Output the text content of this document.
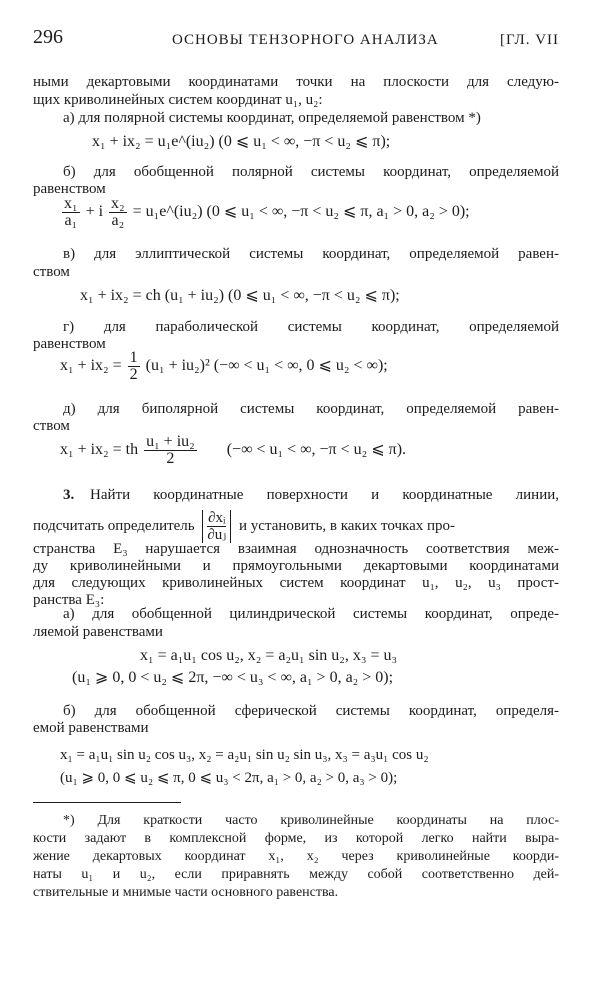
296	ОСНОВЫ ТЕНЗОРНОГО АНАЛИЗА	[ГЛ. VII
ными декартовыми координатами точки на плоскости для следую-
щих криволинейных систем координат u₁, u₂:
а) для полярной системы координат, определяемой равенством *)
x₁ + ix₂ = u₁e^(iu₂) (0 ⩽ u₁ < ∞, −π < u₂ ⩽ π);
б) для обобщенной полярной системы координат, определяемой
равенством
$\frac{\text{x₁}}{\text{a₁}} + i \frac{\text{x₂}}{\text{a₂}}$ = u₁e^(iu₂) (0 ⩽ u₁ < ∞, −π < u₂ ⩽ π, a₁ > 0, a₂ > 0);
в) для эллиптической системы координат, определяемой равен-
ством
x₁ + ix₂ = ch (u₁ + iu₂) (0 ⩽ u₁ < ∞, −π < u₂ ⩽ π);
г) для параболической системы координат, определяемой
равенством
$x_1 + ix_2 = \frac{1}{2} (u_1 + iu_2)^2$ (−∞ < u₁ < ∞, 0 ⩽ u₂ < ∞);
д) для биполярной системы координат, определяемой равен-
ством
x₁ + ix₂ = th $\frac{\text{u₁ + iu₂}}{2}$ (−∞ < u₁ < ∞, −π < u₂ ⩽ π).
3. Найти координатные поверхности и координатные линии,
подсчитать определитель $\frac{\text{∂xᵢ}}{\text{∂uⱼ}}$ и установить, в каких точках про-
странства E₃ нарушается взаимная однозначность соответствия меж-
ду криволинейными и прямоугольными декартовыми координатами
для следующих криволинейных систем координат u₁, u₂, u₃ прост-
ранства E₃:
а) для обобщенной цилиндрической системы координат, опреде-
ляемой равенствами
x₁ = a₁u₁ cos u₂, x₂ = a₂u₁ sin u₂, x₃ = u₃
(u₁ ⩾ 0, 0 < u₂ ⩽ 2π, −∞ < u₃ < ∞, a₁ > 0, a₂ > 0);
б) для обобщенной сферической системы координат, определя-
емой равенствами
x₁ = a₁u₁ sin u₂ cos u₃, x₂ = a₂u₁ sin u₂ sin u₃, x₃ = a₃u₁ cos u₂
(u₁ ⩾ 0, 0 ⩽ u₂ ⩽ π, 0 ⩽ u₃ < 2π, a₁ > 0, a₂ > 0, a₃ > 0);
*) Для краткости часто криволинейные координаты на плос-
кости задают в комплексной форме, из которой легко найти выра-
жение декартовых координат x₁, x₂ через криволинейные коорди-
наты u₁ и u₂, если приравнять между собой соответственно дей-
ствительные и мнимые части основного равенства.
